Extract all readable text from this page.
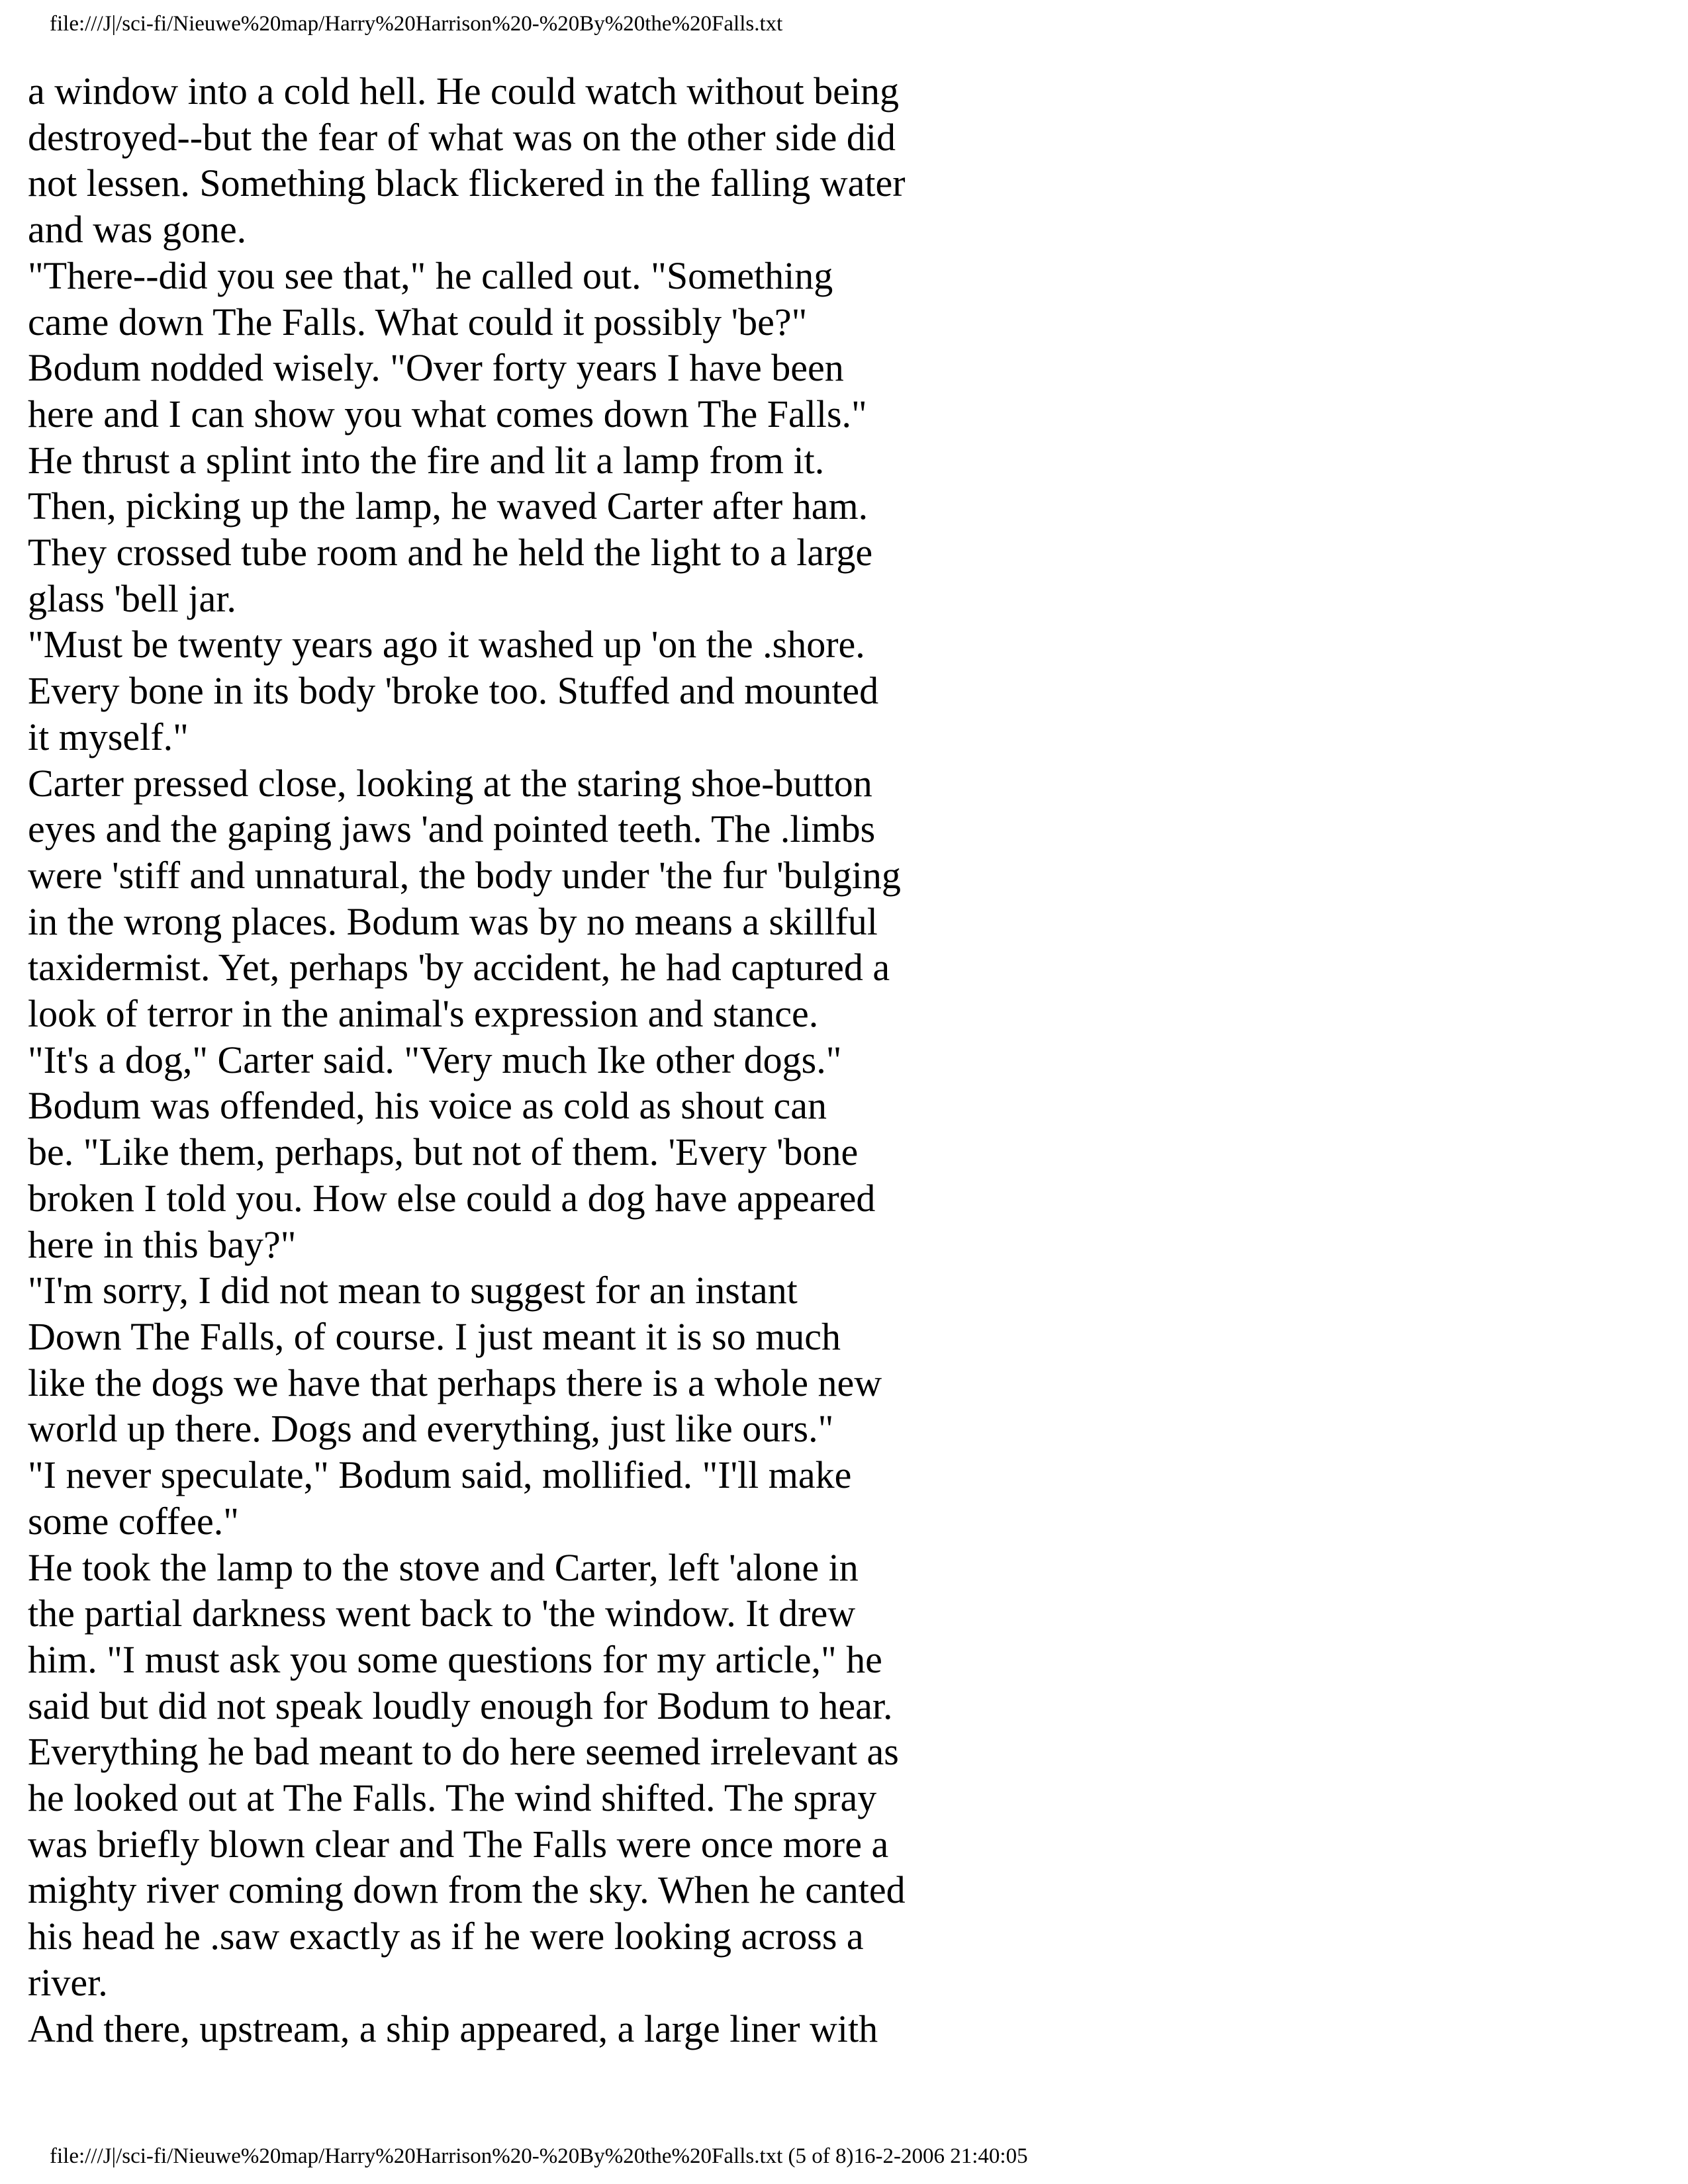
file:///J|/sci-fi/Nieuwe%20map/Harry%20Harrison%20-%20By%20the%20Falls.txt
a window into a cold hell. He could watch without being
destroyed--but the fear of what was on the other side did
not lessen. Something black flickered in the falling water
and was gone.
"There--did you see that," he called out. "Something
came down The Falls. What could it possibly 'be?"
Bodum nodded wisely. "Over forty years I have been
here and I can show you what comes down The Falls."
He thrust a splint into the fire and lit a lamp from it.
Then, picking up the lamp, he waved Carter after ham.
They crossed tube room and he held the light to a large
glass 'bell jar.
"Must be twenty years ago it washed up 'on the .shore.
Every bone in its body 'broke too. Stuffed and mounted
it myself."
Carter pressed close, looking at the staring shoe-button
eyes and the gaping jaws 'and pointed teeth. The .limbs
were 'stiff and unnatural, the body under 'the fur 'bulging
in the wrong places. Bodum was by no means a skillful
taxidermist. Yet, perhaps 'by accident, he had captured a
look of terror in the animal's expression and stance.
"It's a dog," Carter said. "Very much Ike other dogs."
Bodum was offended, his voice as cold as shout can
be. "Like them, perhaps, but not of them. 'Every 'bone
broken I told you. How else could a dog have appeared
here in this bay?"
"I'm sorry, I did not mean to suggest for an instant
Down The Falls, of course. I just meant it is so much
like the dogs we have that perhaps there is a whole new
world up there. Dogs and everything, just like ours."
"I never speculate," Bodum said, mollified. "I'll make
some coffee."
He took the lamp to the stove and Carter, left 'alone in
the partial darkness went back to 'the window. It drew
him. "I must ask you some questions for my article," he
said but did not speak loudly enough for Bodum to hear.
Everything he bad meant to do here seemed irrelevant as
he looked out at The Falls. The wind shifted. The spray
was briefly blown clear and The Falls were once more a
mighty river coming down from the sky. When he canted
his head he .saw exactly as if he were looking across a
river.
And there, upstream, a ship appeared, a large liner with
file:///J|/sci-fi/Nieuwe%20map/Harry%20Harrison%20-%20By%20the%20Falls.txt (5 of 8)16-2-2006 21:40:05
